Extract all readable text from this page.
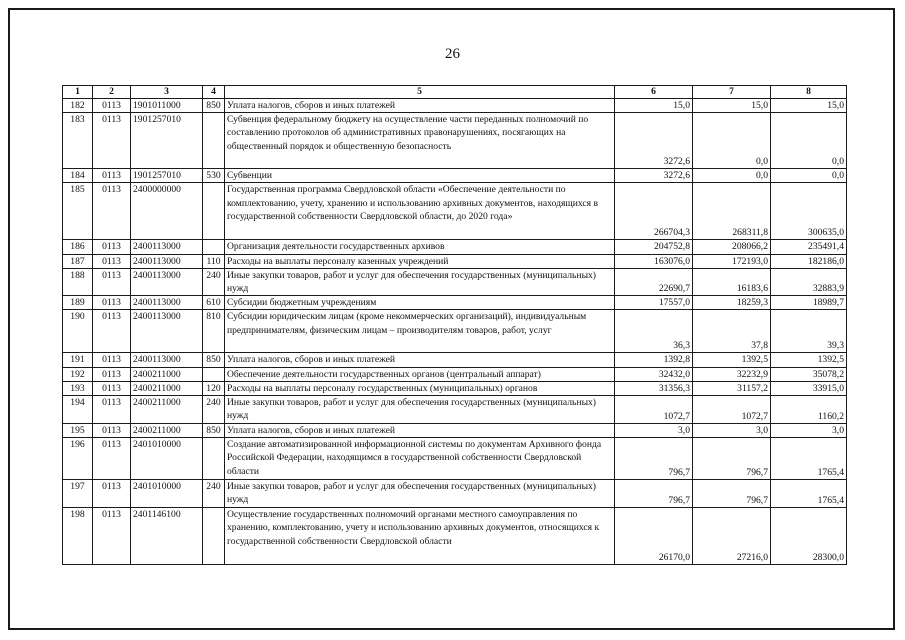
26
1	2	3	4	5	6	7	8
182	0113	1901011000	850	Уплата налогов, сборов и иных платежей	15,0	15,0	15,0
183	0113	1901257010		Субвенция федеральному бюджету на осуществление части переданных полномочий по составлению протоколов об административных правонарушениях, посягающих на общественный порядок и общественную безопасность	3272,6	0,0	0,0
184	0113	1901257010	530	Субвенции	3272,6	0,0	0,0
185	0113	2400000000		Государственная программа Свердловской области «Обеспечение деятельности по комплектованию, учету, хранению и использованию архивных документов, находящихся в государственной собственности Свердловской области, до 2020 года»	266704,3	268311,8	300635,0
186	0113	2400113000		Организация деятельности государственных архивов	204752,8	208066,2	235491,4
187	0113	2400113000	110	Расходы на выплаты персоналу казенных учреждений	163076,0	172193,0	182186,0
188	0113	2400113000	240	Иные закупки товаров, работ и услуг для обеспечения государственных (муниципальных) нужд	22690,7	16183,6	32883,9
189	0113	2400113000	610	Субсидии бюджетным учреждениям	17557,0	18259,3	18989,7
190	0113	2400113000	810	Субсидии юридическим лицам (кроме некоммерческих организаций), индивидуальным предпринимателям, физическим лицам – производителям товаров, работ, услуг	36,3	37,8	39,3
191	0113	2400113000	850	Уплата налогов, сборов и иных платежей	1392,8	1392,5	1392,5
192	0113	2400211000		Обеспечение деятельности государственных органов (центральный аппарат)	32432,0	32232,9	35078,2
193	0113	2400211000	120	Расходы на выплаты персоналу государственных (муниципальных) органов	31356,3	31157,2	33915,0
194	0113	2400211000	240	Иные закупки товаров, работ и услуг для обеспечения государственных (муниципальных) нужд	1072,7	1072,7	1160,2
195	0113	2400211000	850	Уплата налогов, сборов и иных платежей	3,0	3,0	3,0
196	0113	2401010000		Создание автоматизированной информационной системы по документам Архивного фонда Российской Федерации, находящимся в государственной собственности Свердловской области	796,7	796,7	1765,4
197	0113	2401010000	240	Иные закупки товаров, работ и услуг для обеспечения государственных (муниципальных) нужд	796,7	796,7	1765,4
198	0113	2401146100		Осуществление государственных полномочий органами местного самоуправления по хранению, комплектованию, учету и использованию архивных документов, относящихся к государственной собственности Свердловской области	26170,0	27216,0	28300,0
